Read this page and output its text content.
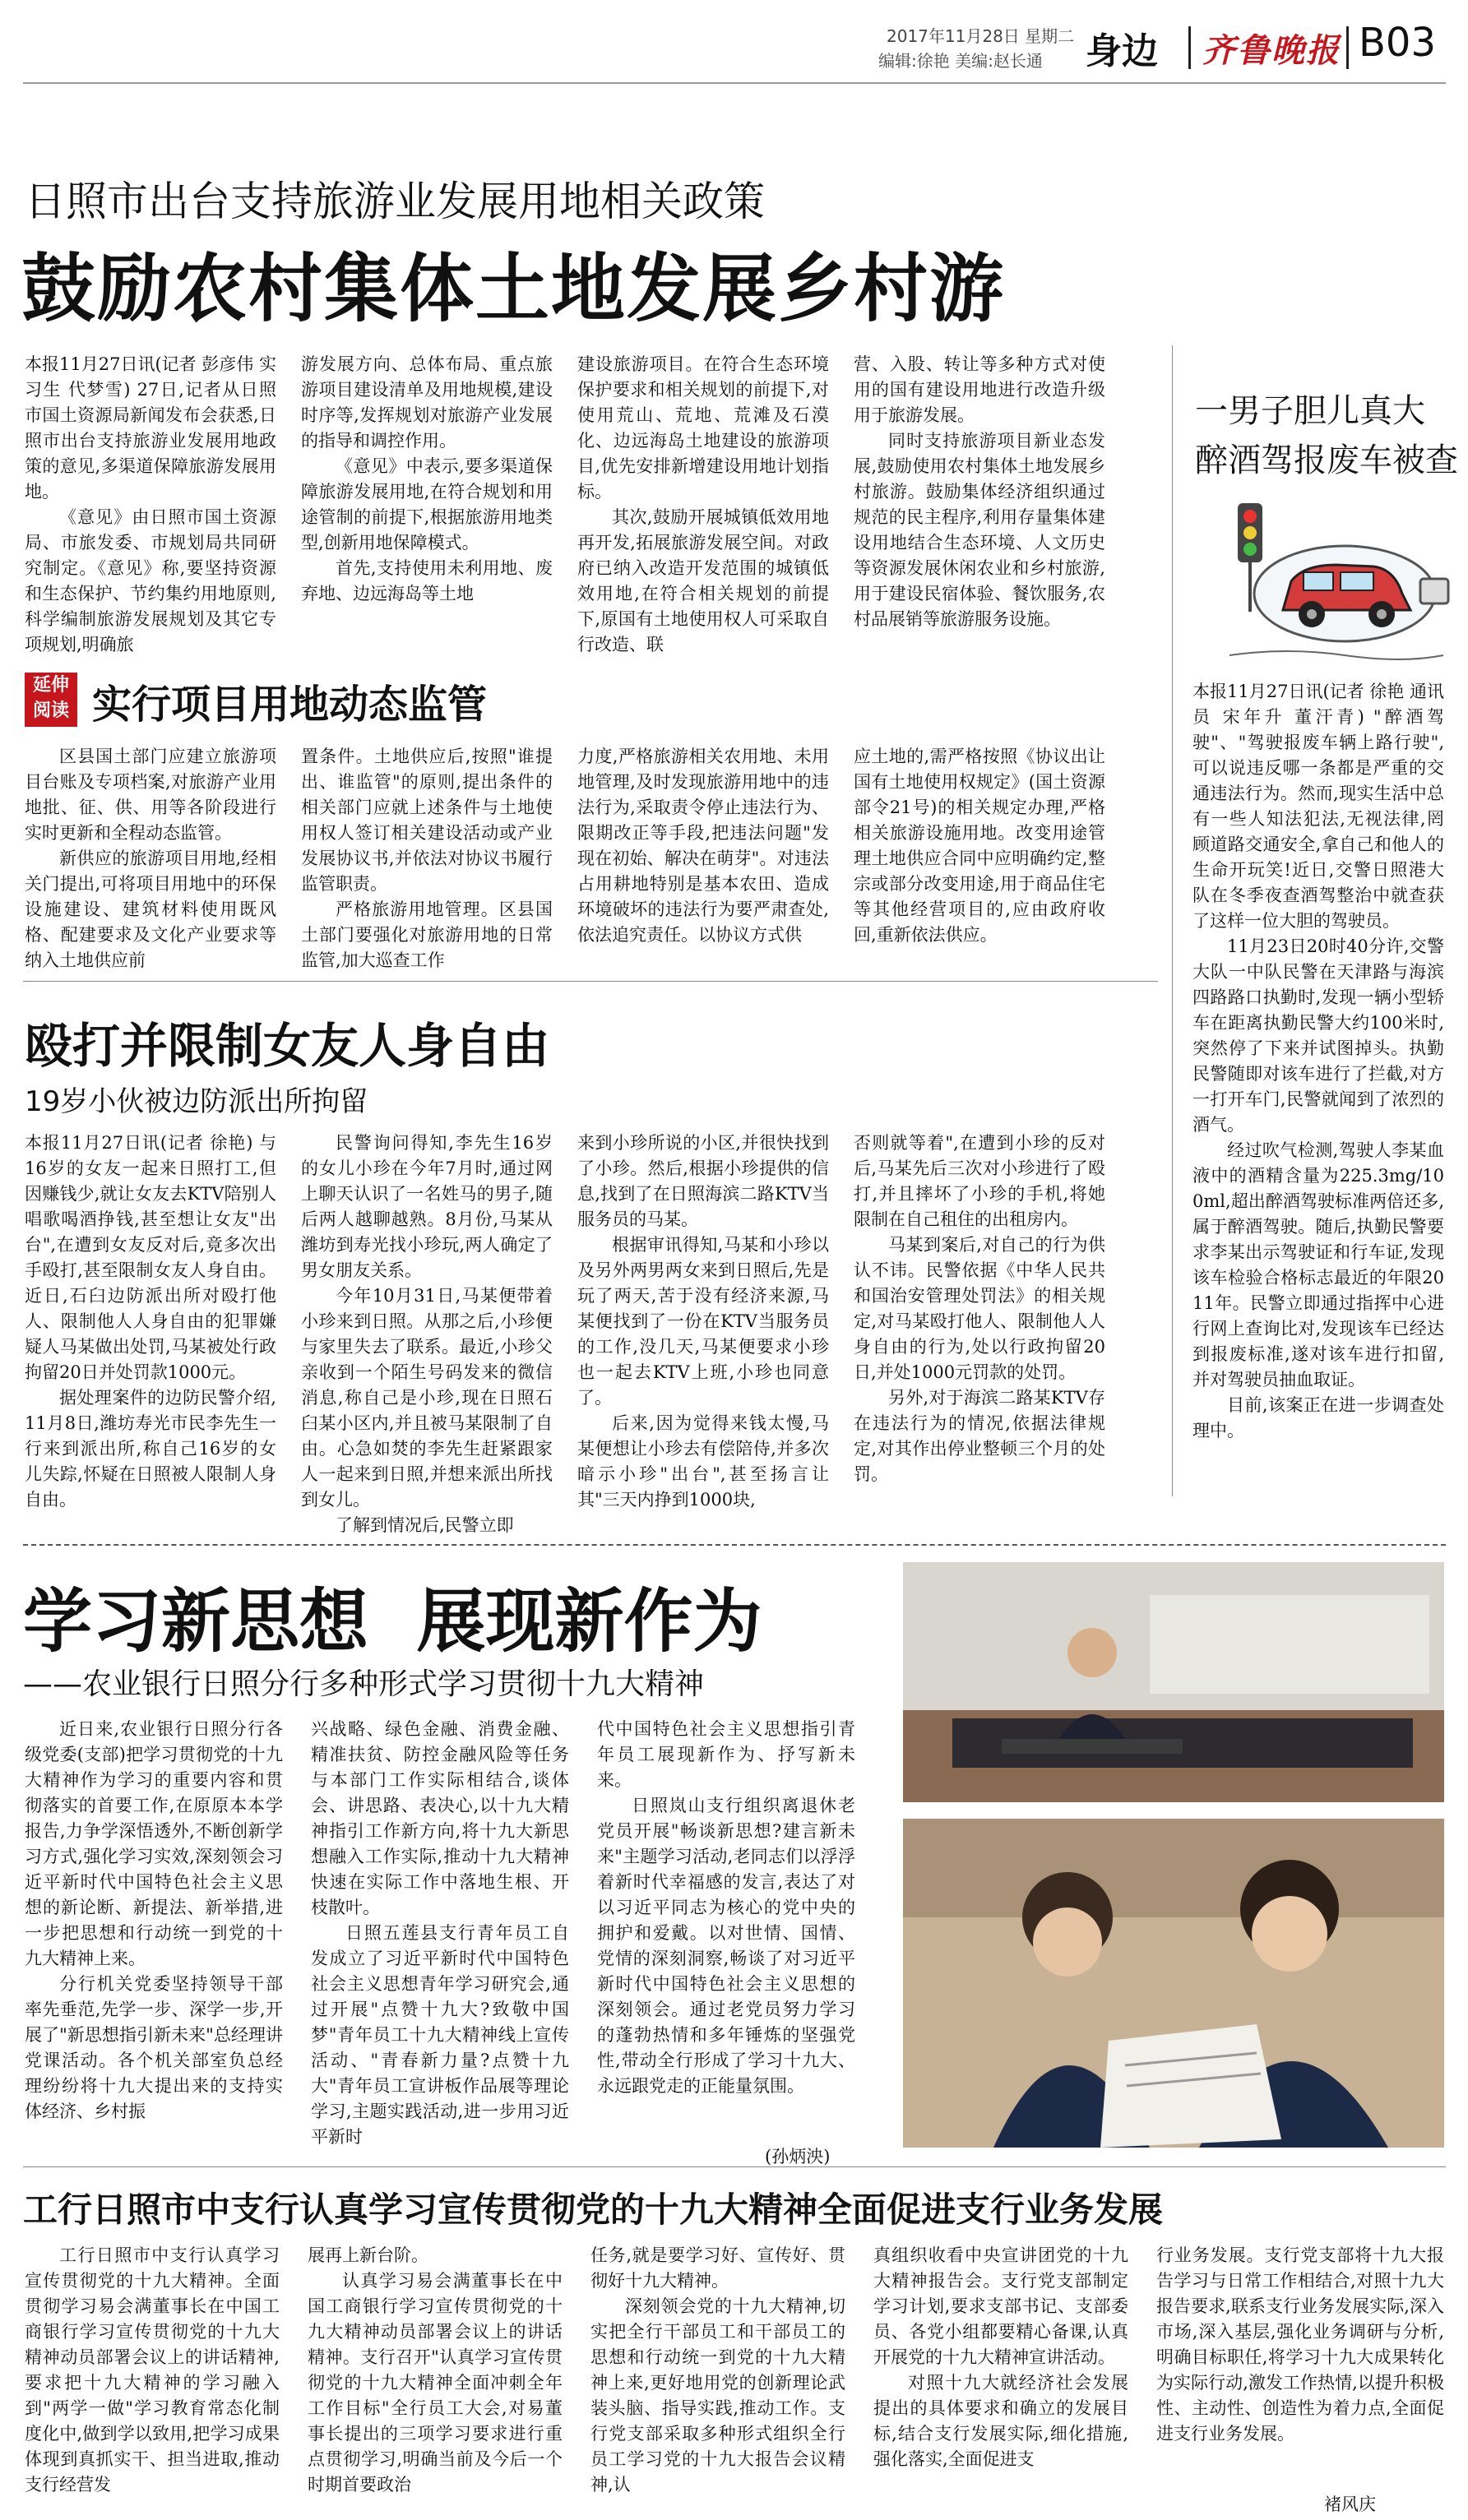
2017年11月28日 星期二
编辑:徐艳 美编:赵长通 身边 齐鲁晚报 B03
日照市出台支持旅游业发展用地相关政策
鼓励农村集体土地发展乡村游

本报11月27日讯(记者 彭彦伟 实习生 代梦雪) 27日,记者从日照市国土资源局新闻发布会获悉,日照市出台支持旅游业发展用地政策的意见,多渠道保障旅游发展用地。

《意见》由日照市国土资源局、市旅发委、市规划局共同研究制定。《意见》称,要坚持资源和生态保护、节约集约用地原则,科学编制旅游发展规划及其它专项规划,明确旅

游发展方向、总体布局、重点旅游项目建设清单及用地规模,建设时序等,发挥规划对旅游产业发展的指导和调控作用。

《意见》中表示,要多渠道保障旅游发展用地,在符合规划和用途管制的前提下,根据旅游用地类型,创新用地保障模式。

首先,支持使用未利用地、废弃地、边远海岛等土地

建设旅游项目。在符合生态环境保护要求和相关规划的前提下,对使用荒山、荒地、荒滩及石漠化、边远海岛土地建设的旅游项目,优先安排新增建设用地计划指标。

其次,鼓励开展城镇低效用地再开发,拓展旅游发展空间。对政府已纳入改造开发范围的城镇低效用地,在符合相关规划的前提下,原国有土地使用权人可采取自行改造、联

营、入股、转让等多种方式对使用的国有建设用地进行改造升级用于旅游发展。

同时支持旅游项目新业态发展,鼓励使用农村集体土地发展乡村旅游。鼓励集体经济组织通过规范的民主程序,利用存量集体建设用地结合生态环境、人文历史等资源发展休闲农业和乡村旅游,用于建设民宿体验、餐饮服务,农村品展销等旅游服务设施。

延伸
阅读 实行项目用地动态监管

区县国土部门应建立旅游项目台账及专项档案,对旅游产业用地批、征、供、用等各阶段进行实时更新和全程动态监管。

新供应的旅游项目用地,经相关门提出,可将项目用地中的环保设施建设、建筑材料使用既风格、配建要求及文化产业要求等纳入土地供应前

置条件。土地供应后,按照"谁提出、谁监管"的原则,提出条件的相关部门应就上述条件与土地使用权人签订相关建设活动或产业发展协议书,并依法对协议书履行监管职责。

严格旅游用地管理。区县国土部门要强化对旅游用地的日常监管,加大巡查工作

力度,严格旅游相关农用地、未用地管理,及时发现旅游用地中的违法行为,采取责令停止违法行为、限期改正等手段,把违法问题"发现在初始、解决在萌芽"。对违法占用耕地特别是基本农田、造成环境破坏的违法行为要严肃查处,依法追究责任。以协议方式供

应土地的,需严格按照《协议出让国有土地使用权规定》(国土资源部令21号)的相关规定办理,严格相关旅游设施用地。改变用途管理土地供应合同中应明确约定,整宗或部分改变用途,用于商品住宅等其他经营项目的,应由政府收回,重新依法供应。

一男子胆儿真大
醉酒驾报废车被查

本报11月27日讯(记者 徐艳 通讯员 宋年升 董汗青) "醉酒驾驶"、"驾驶报废车辆上路行驶",可以说违反哪一条都是严重的交通违法行为。然而,现实生活中总有一些人知法犯法,无视法律,罔顾道路交通安全,拿自己和他人的生命开玩笑!近日,交警日照港大队在冬季夜查酒驾整治中就查获了这样一位大胆的驾驶员。

11月23日20时40分许,交警大队一中队民警在天津路与海滨四路路口执勤时,发现一辆小型轿车在距离执勤民警大约100米时,突然停了下来并试图掉头。执勤民警随即对该车进行了拦截,对方一打开车门,民警就闻到了浓烈的酒气。

经过吹气检测,驾驶人李某血液中的酒精含量为225.3mg/100ml,超出醉酒驾驶标准两倍还多,属于醉酒驾驶。随后,执勤民警要求李某出示驾驶证和行车证,发现该车检验合格标志最近的年限2011年。民警立即通过指挥中心进行网上查询比对,发现该车已经达到报废标准,遂对该车进行扣留,并对驾驶员抽血取证。

目前,该案正在进一步调查处理中。

殴打并限制女友人身自由
19岁小伙被边防派出所拘留

本报11月27日讯(记者 徐艳) 与16岁的女友一起来日照打工,但因赚钱少,就让女友去KTV陪别人唱歌喝酒挣钱,甚至想让女友"出台",在遭到女友反对后,竟多次出手殴打,甚至限制女友人身自由。近日,石臼边防派出所对殴打他人、限制他人人身自由的犯罪嫌疑人马某做出处罚,马某被处行政拘留20日并处罚款1000元。

据处理案件的边防民警介绍,11月8日,潍坊寿光市民李先生一行来到派出所,称自己16岁的女儿失踪,怀疑在日照被人限制人身自由。

民警询问得知,李先生16岁的女儿小珍在今年7月时,通过网上聊天认识了一名姓马的男子,随后两人越聊越熟。8月份,马某从潍坊到寿光找小珍玩,两人确定了男女朋友关系。

今年10月31日,马某便带着小珍来到日照。从那之后,小珍便与家里失去了联系。最近,小珍父亲收到一个陌生号码发来的微信消息,称自己是小珍,现在日照石臼某小区内,并且被马某限制了自由。心急如焚的李先生赶紧跟家人一起来到日照,并想来派出所找到女儿。

了解到情况后,民警立即

来到小珍所说的小区,并很快找到了小珍。然后,根据小珍提供的信息,找到了在日照海滨二路KTV当服务员的马某。

根据审讯得知,马某和小珍以及另外两男两女来到日照后,先是玩了两天,苦于没有经济来源,马某便找到了一份在KTV当服务员的工作,没几天,马某便要求小珍也一起去KTV上班,小珍也同意了。

后来,因为觉得来钱太慢,马某便想让小珍去有偿陪侍,并多次暗示小珍"出台",甚至扬言让其"三天内挣到1000块,

否则就等着",在遭到小珍的反对后,马某先后三次对小珍进行了殴打,并且摔坏了小珍的手机,将她限制在自己租住的出租房内。

马某到案后,对自己的行为供认不讳。民警依据《中华人民共和国治安管理处罚法》的相关规定,对马某殴打他人、限制他人人身自由的行为,处以行政拘留20日,并处1000元罚款的处罚。

另外,对于海滨二路某KTV存在违法行为的情况,依据法律规定,对其作出停业整顿三个月的处罚。

学习新思想  展现新作为
——农业银行日照分行多种形式学习贯彻十九大精神

近日来,农业银行日照分行各级党委(支部)把学习贯彻党的十九大精神作为学习的重要内容和贯彻落实的首要工作,在原原本本学报告,力争学深悟透外,不断创新学习方式,强化学习实效,深刻领会习近平新时代中国特色社会主义思想的新论断、新提法、新举措,进一步把思想和行动统一到党的十九大精神上来。

分行机关党委坚持领导干部率先垂范,先学一步、深学一步,开展了"新思想指引新未来"总经理讲党课活动。各个机关部室负总经理纷纷将十九大提出来的支持实体经济、乡村振

兴战略、绿色金融、消费金融、精准扶贫、防控金融风险等任务与本部门工作实际相结合,谈体会、讲思路、表决心,以十九大精神指引工作新方向,将十九大新思想融入工作实际,推动十九大精神快速在实际工作中落地生根、开枝散叶。

日照五莲县支行青年员工自发成立了习近平新时代中国特色社会主义思想青年学习研究会,通过开展"点赞十九大?致敬中国梦"青年员工十九大精神线上宣传活动、"青春新力量?点赞十九大"青年员工宣讲板作品展等理论学习,主题实践活动,进一步用习近平新时

代中国特色社会主义思想指引青年员工展现新作为、抒写新未来。

日照岚山支行组织离退休老党员开展"畅谈新思想?建言新未来"主题学习活动,老同志们以浮浮着新时代幸福感的发言,表达了对以习近平同志为核心的党中央的拥护和爱戴。以对世情、国情、党情的深刻洞察,畅谈了对习近平新时代中国特色社会主义思想的深刻领会。通过老党员努力学习的蓬勃热情和多年锤炼的坚强党性,带动全行形成了学习十九大、永远跟党走的正能量氛围。

(孙炳泱)
工行日照市中支行认真学习宣传贯彻党的十九大精神全面促进支行业务发展

工行日照市中支行认真学习宣传贯彻党的十九大精神。全面贯彻学习易会满董事长在中国工商银行学习宣传贯彻党的十九大精神动员部署会议上的讲话精神,要求把十九大精神的学习融入到"两学一做"学习教育常态化制度化中,做到学以致用,把学习成果体现到真抓实干、担当进取,推动支行经营发

展再上新台阶。

认真学习易会满董事长在中国工商银行学习宣传贯彻党的十九大精神动员部署会议上的讲话精神。支行召开"认真学习宣传贯彻党的十九大精神全面冲刺全年工作目标"全行员工大会,对易董事长提出的三项学习要求进行重点贯彻学习,明确当前及今后一个时期首要政治

任务,就是要学习好、宣传好、贯彻好十九大精神。

深刻领会党的十九大精神,切实把全行干部员工和干部员工的思想和行动统一到党的十九大精神上来,更好地用党的创新理论武装头脑、指导实践,推动工作。支行党支部采取多种形式组织全行员工学习党的十九大报告会议精神,认

真组织收看中央宣讲团党的十九大精神报告会。支行党支部制定学习计划,要求支部书记、支部委员、各党小组都要精心备课,认真开展党的十九大精神宣讲活动。

对照十九大就经济社会发展提出的具体要求和确立的发展目标,结合支行发展实际,细化措施,强化落实,全面促进支

行业务发展。支行党支部将十九大报告学习与日常工作相结合,对照十九大报告要求,联系支行业务发展实际,深入市场,深入基层,强化业务调研与分析,明确目标职任,将学习十九大成果转化为实际行动,激发工作热情,以提升积极性、主动性、创造性为着力点,全面促进支行业务发展。

褚风庆
